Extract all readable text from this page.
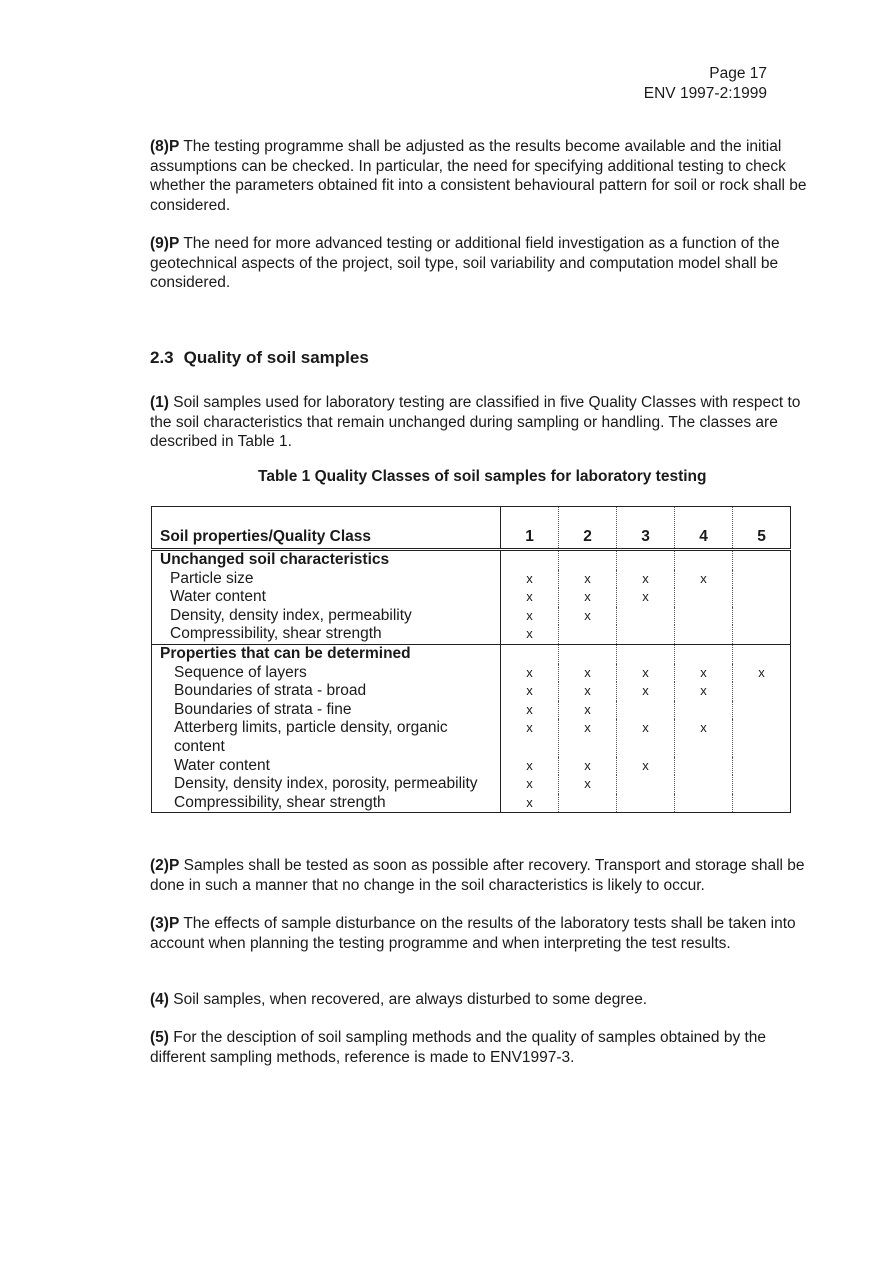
Page 17
ENV 1997-2:1999
(8)P The testing programme shall be adjusted as the results become available and the initial assumptions can be checked. In particular, the need for specifying additional testing to check whether the parameters obtained fit into a consistent behavioural pattern for soil or rock shall be considered.
(9)P The need for more advanced testing or additional field investigation as a function of the geotechnical aspects of the project, soil type, soil variability and computation model shall be considered.
2.3 Quality of soil samples
(1) Soil samples used for laboratory testing are classified in five Quality Classes with respect to the soil characteristics that remain unchanged during sampling or handling. The classes are described in Table 1.
Table 1 Quality Classes of soil samples for laboratory testing
Soil properties/Quality Class	1	2	3	4	5
Unchanged soil characteristics					
Particle size	x	x	x	x	
Water content	x	x	x		
Density, density index, permeability	x	x			
Compressibility, shear strength	x				
Properties that can be determined					
Sequence of layers	x	x	x	x	x
Boundaries of strata - broad	x	x	x	x	
Boundaries of strata - fine	x	x			
Atterberg limits, particle density, organic content	x	x	x	x	
Water content	x	x	x		
Density, density index, porosity, permeability	x	x			
Compressibility, shear strength	x				
(2)P Samples shall be tested as soon as possible after recovery. Transport and storage shall be done in such a manner that no change in the soil characteristics is likely to occur.
(3)P The effects of sample disturbance on the results of the laboratory tests shall be taken into account when planning the testing programme and when interpreting the test results.
(4) Soil samples, when recovered, are always disturbed to some degree.
(5) For the desciption of soil sampling methods and the quality of samples obtained by the different sampling methods, reference is made to ENV1997-3.
